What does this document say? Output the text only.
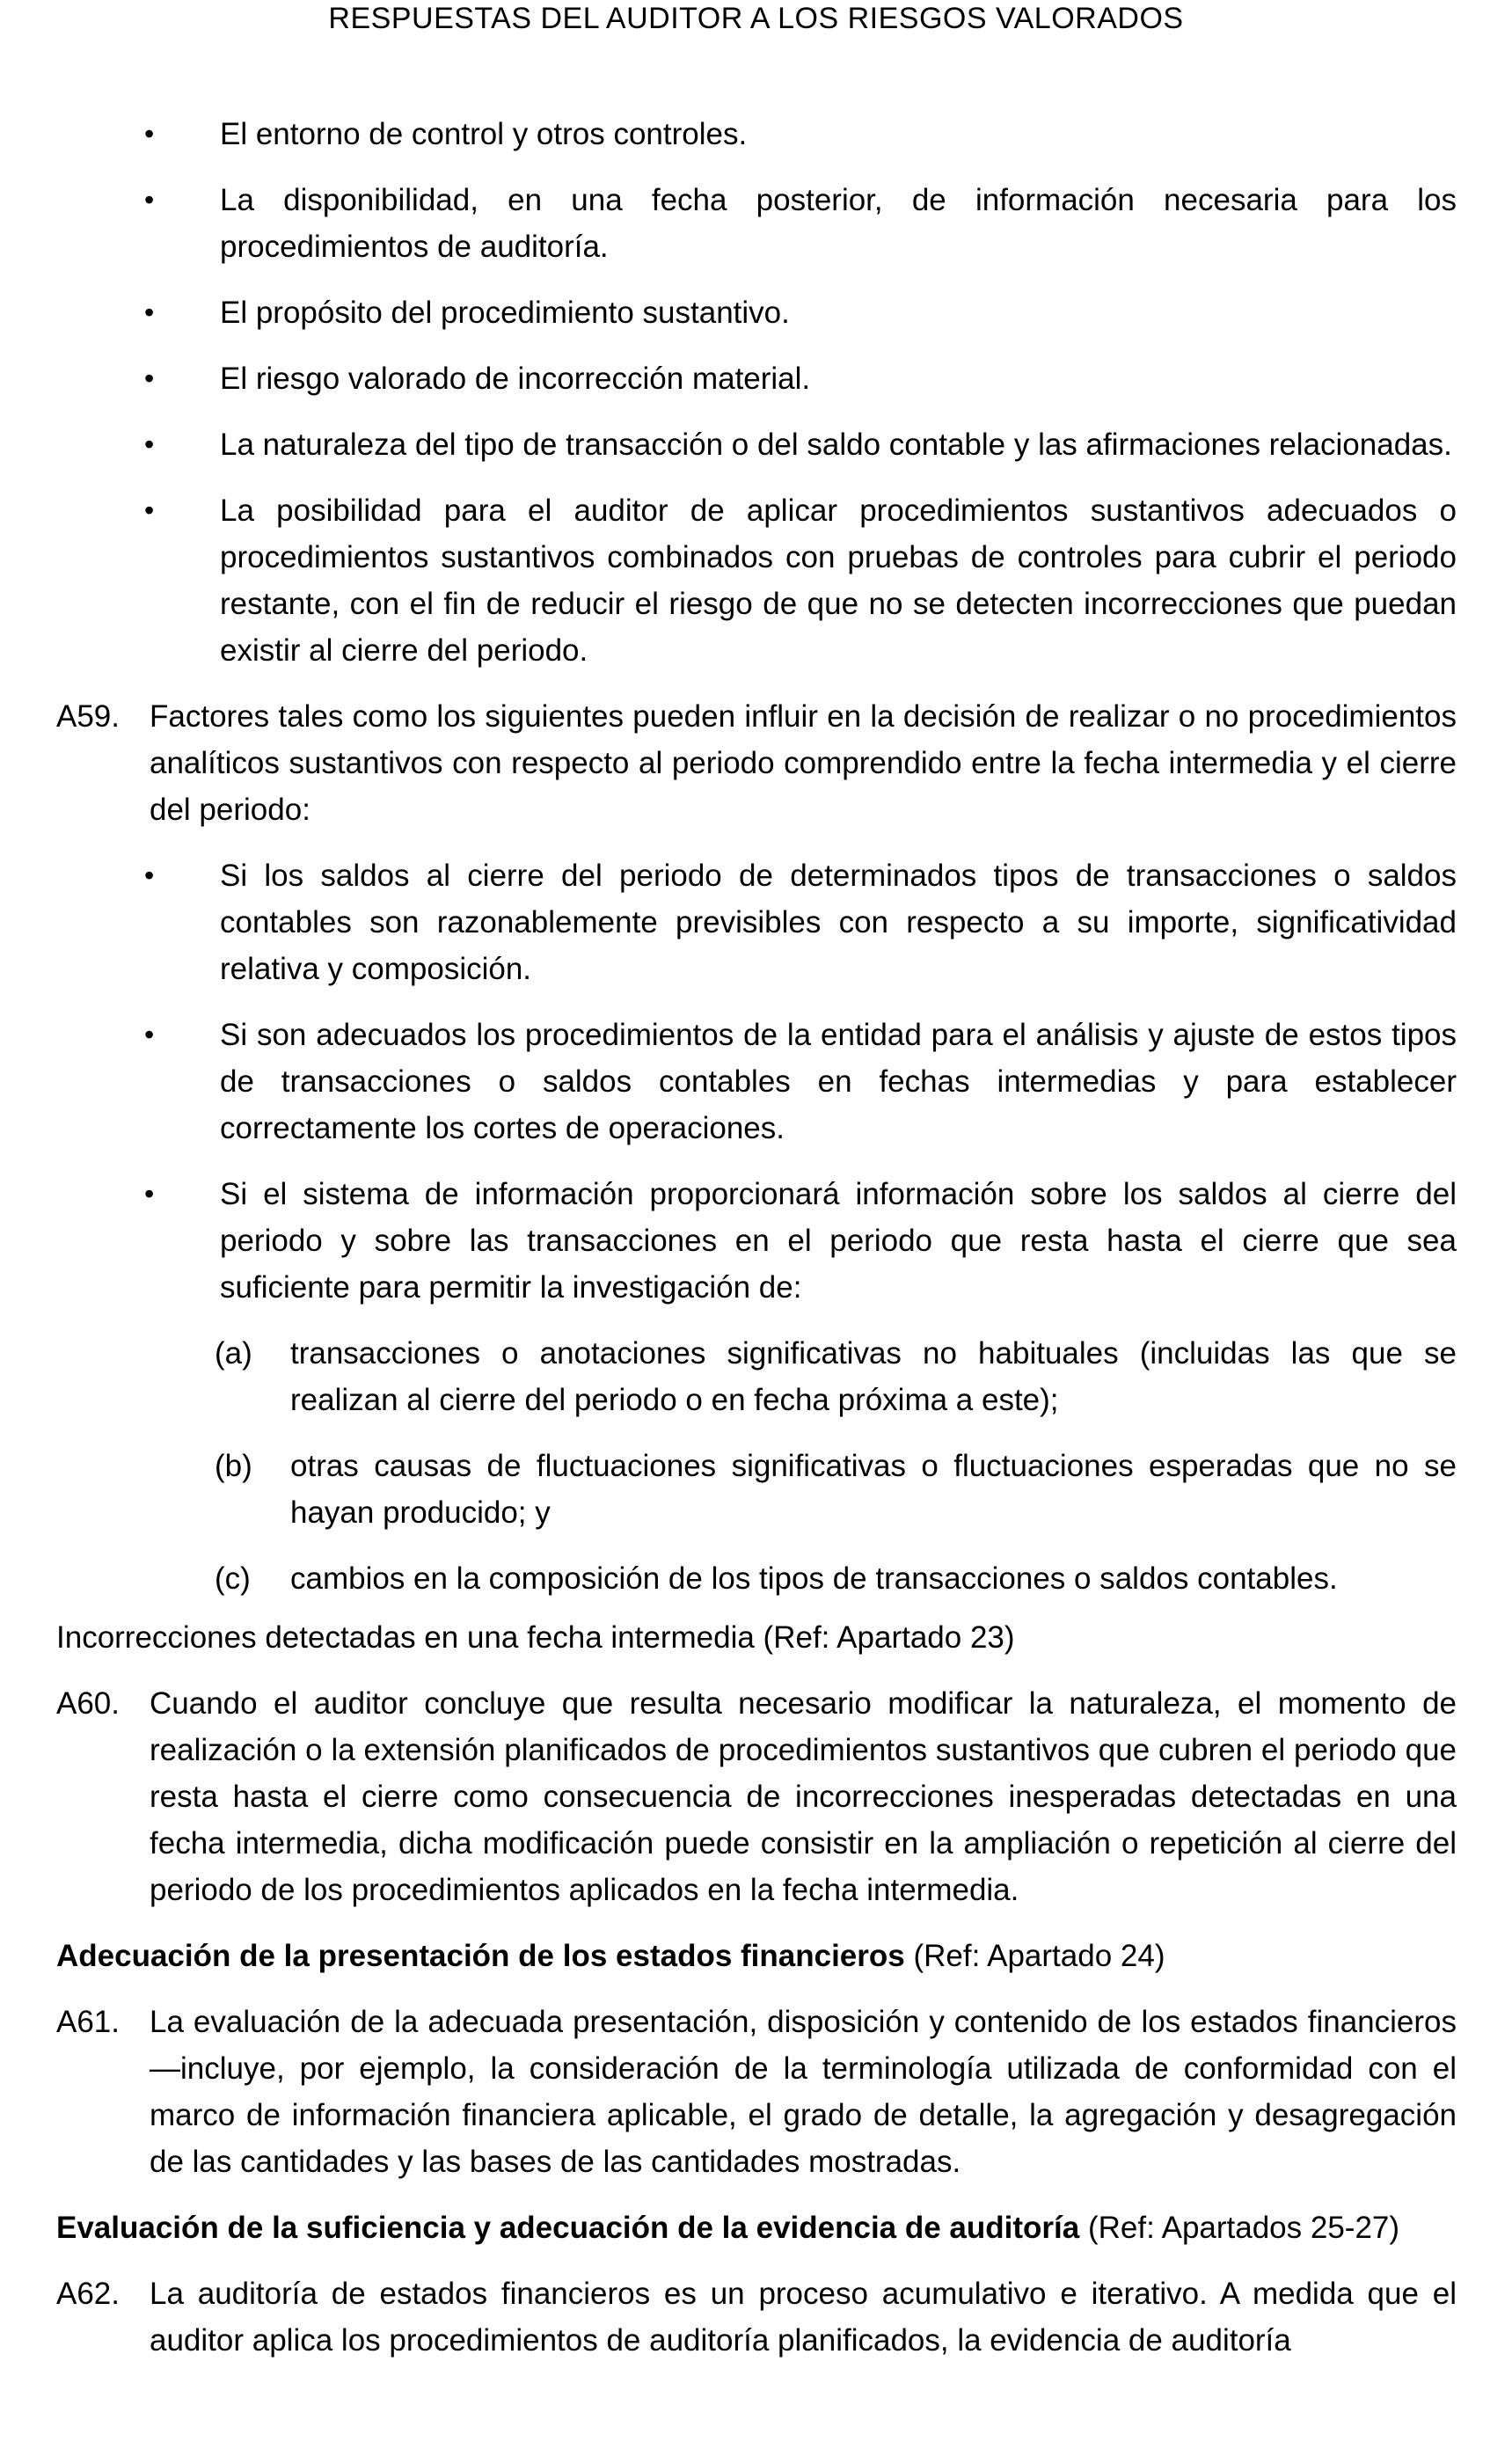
RESPUESTAS DEL AUDITOR A LOS RIESGOS VALORADOS
• El entorno de control y otros controles.
• La disponibilidad, en una fecha posterior, de información necesaria para los procedimientos de auditoría.
• El propósito del procedimiento sustantivo.
• El riesgo valorado de incorrección material.
• La naturaleza del tipo de transacción o del saldo contable y las afirmaciones relacionadas.
• La posibilidad para el auditor de aplicar procedimientos sustantivos adecuados o procedimientos sustantivos combinados con pruebas de controles para cubrir el periodo restante, con el fin de reducir el riesgo de que no se detecten incorrecciones que puedan existir al cierre del periodo.
A59. Factores tales como los siguientes pueden influir en la decisión de realizar o no procedimientos analíticos sustantivos con respecto al periodo comprendido entre la fecha intermedia y el cierre del periodo:
• Si los saldos al cierre del periodo de determinados tipos de transacciones o saldos contables son razonablemente previsibles con respecto a su importe, significatividad relativa y composición.
• Si son adecuados los procedimientos de la entidad para el análisis y ajuste de estos tipos de transacciones o saldos contables en fechas intermedias y para establecer correctamente los cortes de operaciones.
• Si el sistema de información proporcionará información sobre los saldos al cierre del periodo y sobre las transacciones en el periodo que resta hasta el cierre que sea suficiente para permitir la investigación de:
(a) transacciones o anotaciones significativas no habituales (incluidas las que se realizan al cierre del periodo o en fecha próxima a este);
(b) otras causas de fluctuaciones significativas o fluctuaciones esperadas que no se hayan producido; y
(c) cambios en la composición de los tipos de transacciones o saldos contables.
Incorrecciones detectadas en una fecha intermedia (Ref: Apartado 23)
A60. Cuando el auditor concluye que resulta necesario modificar la naturaleza, el momento de realización o la extensión planificados de procedimientos sustantivos que cubren el periodo que resta hasta el cierre como consecuencia de incorrecciones inesperadas detectadas en una fecha intermedia, dicha modificación puede consistir en la ampliación o repetición al cierre del periodo de los procedimientos aplicados en la fecha intermedia.
Adecuación de la presentación de los estados financieros (Ref: Apartado 24)
A61. La evaluación de la adecuada presentación, disposición y contenido de los estados financieros—incluye, por ejemplo, la consideración de la terminología utilizada de conformidad con el marco de información financiera aplicable, el grado de detalle, la agregación y desagregación de las cantidades y las bases de las cantidades mostradas.
Evaluación de la suficiencia y adecuación de la evidencia de auditoría (Ref: Apartados 25-27)
A62. La auditoría de estados financieros es un proceso acumulativo e iterativo. A medida que el auditor aplica los procedimientos de auditoría planificados, la evidencia de auditoría
